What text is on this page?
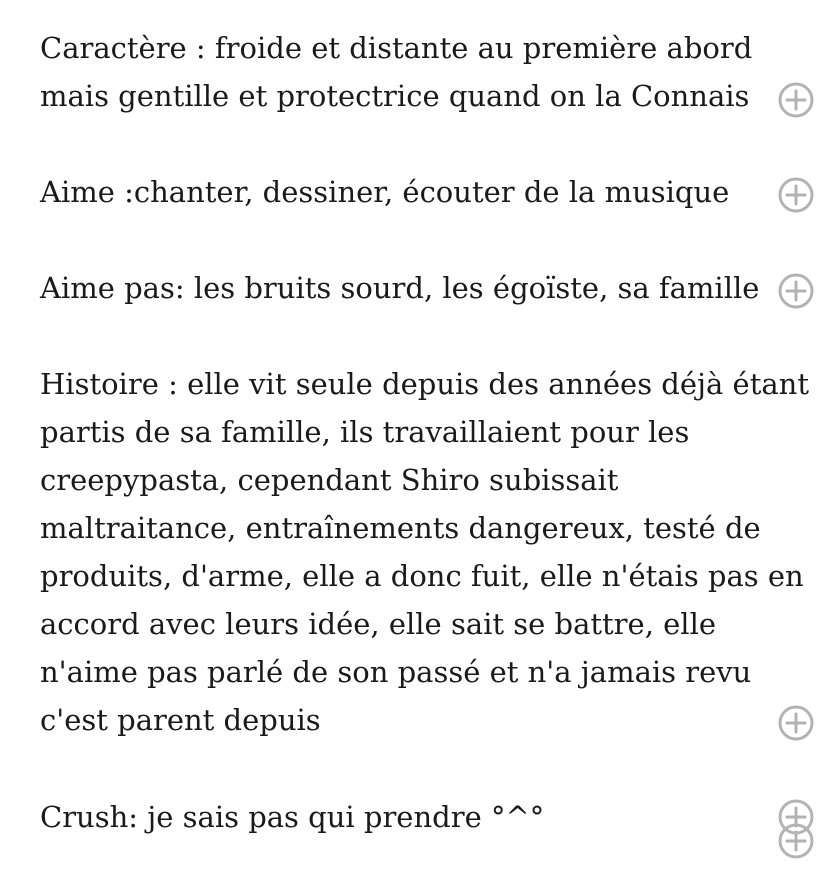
Caractère : froide et distante au première abord
mais gentille et protectrice quand on la Connais

Aime :chanter, dessiner, écouter de la musique

Aime pas: les bruits sourd, les égoïste, sa famille

Histoire : elle vit seule depuis des années déjà étant
partis de sa famille, ils travaillaient pour les
creepypasta, cependant Shiro subissait
maltraitance, entraînements dangereux, testé de
produits, d'arme, elle a donc fuit, elle n'étais pas en
accord avec leurs idée, elle sait se battre, elle
n'aime pas parlé de son passé et n'a jamais revu
c'est parent depuis

Crush: je sais pas qui prendre °^°
